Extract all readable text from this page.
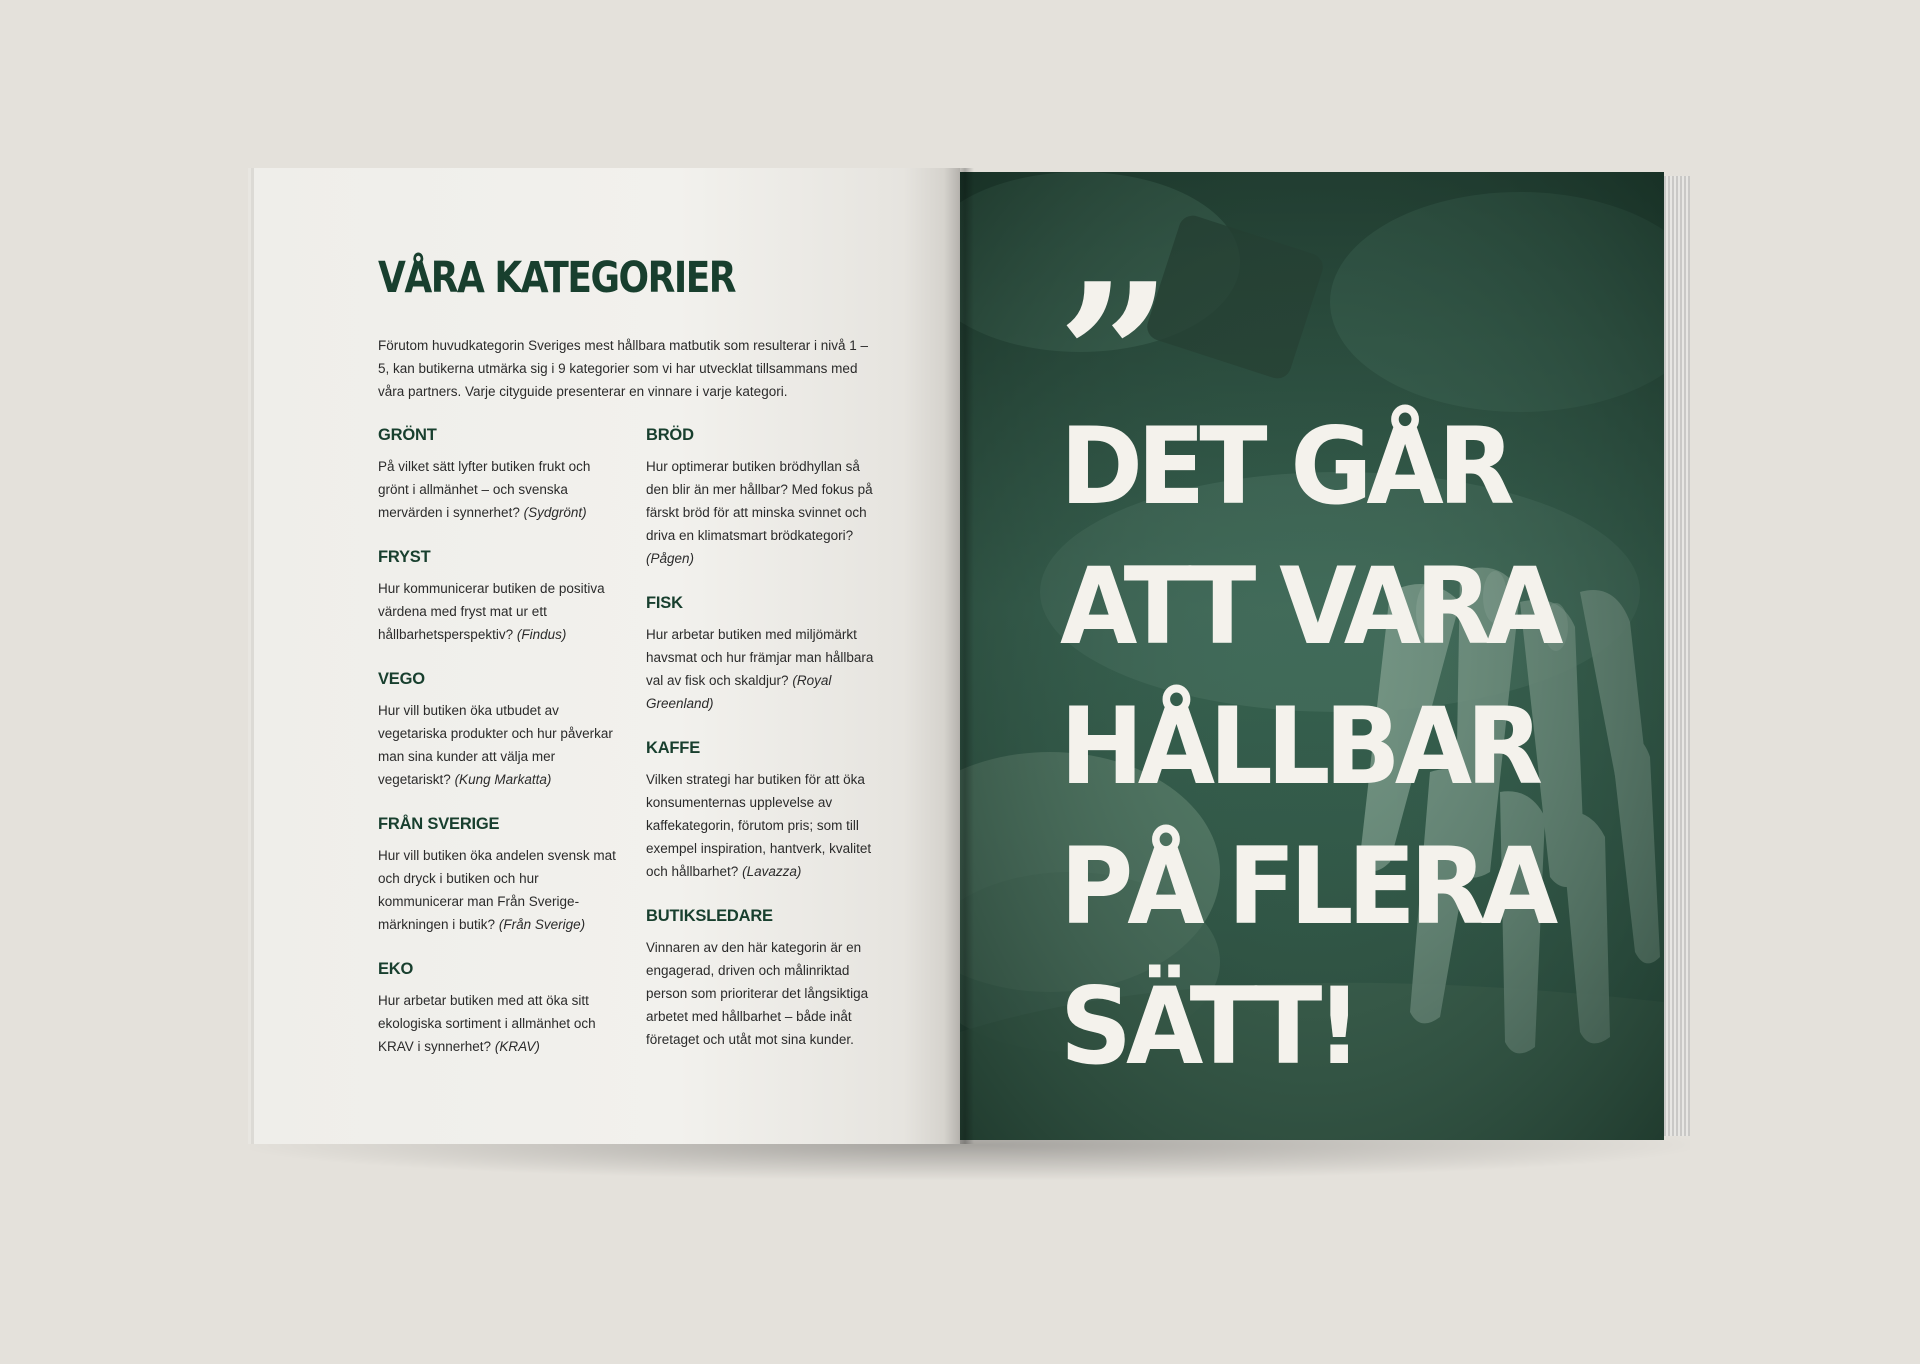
VÅRA KATEGORIER

Förutom huvudkategorin Sveriges mest hållbara matbutik som resulterar i nivå 1 – 5, kan butikerna utmärka sig i 9 kategorier som vi har utvecklat tillsammans med våra partners. Varje cityguide presenterar en vinnare i varje kategori.

GRÖNT

På vilket sätt lyfter butiken frukt och grönt i allmänhet – och svenska mervärden i synnerhet? (Sydgrönt)

FRYST

Hur kommunicerar butiken de positiva värdena med fryst mat ur ett hållbarhetsperspektiv? (Findus)

VEGO

Hur vill butiken öka utbudet av vegetariska produkter och hur påverkar man sina kunder att välja mer vegetariskt? (Kung Markatta)

FRÅN SVERIGE

Hur vill butiken öka andelen svensk mat och dryck i butiken och hur kommunicerar man Från Sverige-märkningen i butik? (Från Sverige)

EKO

Hur arbetar butiken med att öka sitt ekologiska sortiment i allmänhet och KRAV i synnerhet? (KRAV)

BRÖD

Hur optimerar butiken brödhyllan så den blir än mer hållbar? Med fokus på färskt bröd för att minska svinnet och driva en klimatsmart brödkategori? (Pågen)

FISK

Hur arbetar butiken med miljömärkt havsmat och hur främjar man hållbara val av fisk och skaldjur? (Royal Greenland)

KAFFE

Vilken strategi har butiken för att öka konsumenternas upplevelse av kaffekategorin, förutom pris; som till exempel inspiration, hantverk, kvalitet och hållbarhet? (Lavazza)

BUTIKSLEDARE

Vinnaren av den här kategorin är en engagerad, driven och målinriktad person som prioriterar det långsiktiga arbetet med hållbarhet – både inåt företaget och utåt mot sina kunder.

”
DET GÅR
ATT VARA
HÅLLBAR
PÅ FLERA
SÄTT!
